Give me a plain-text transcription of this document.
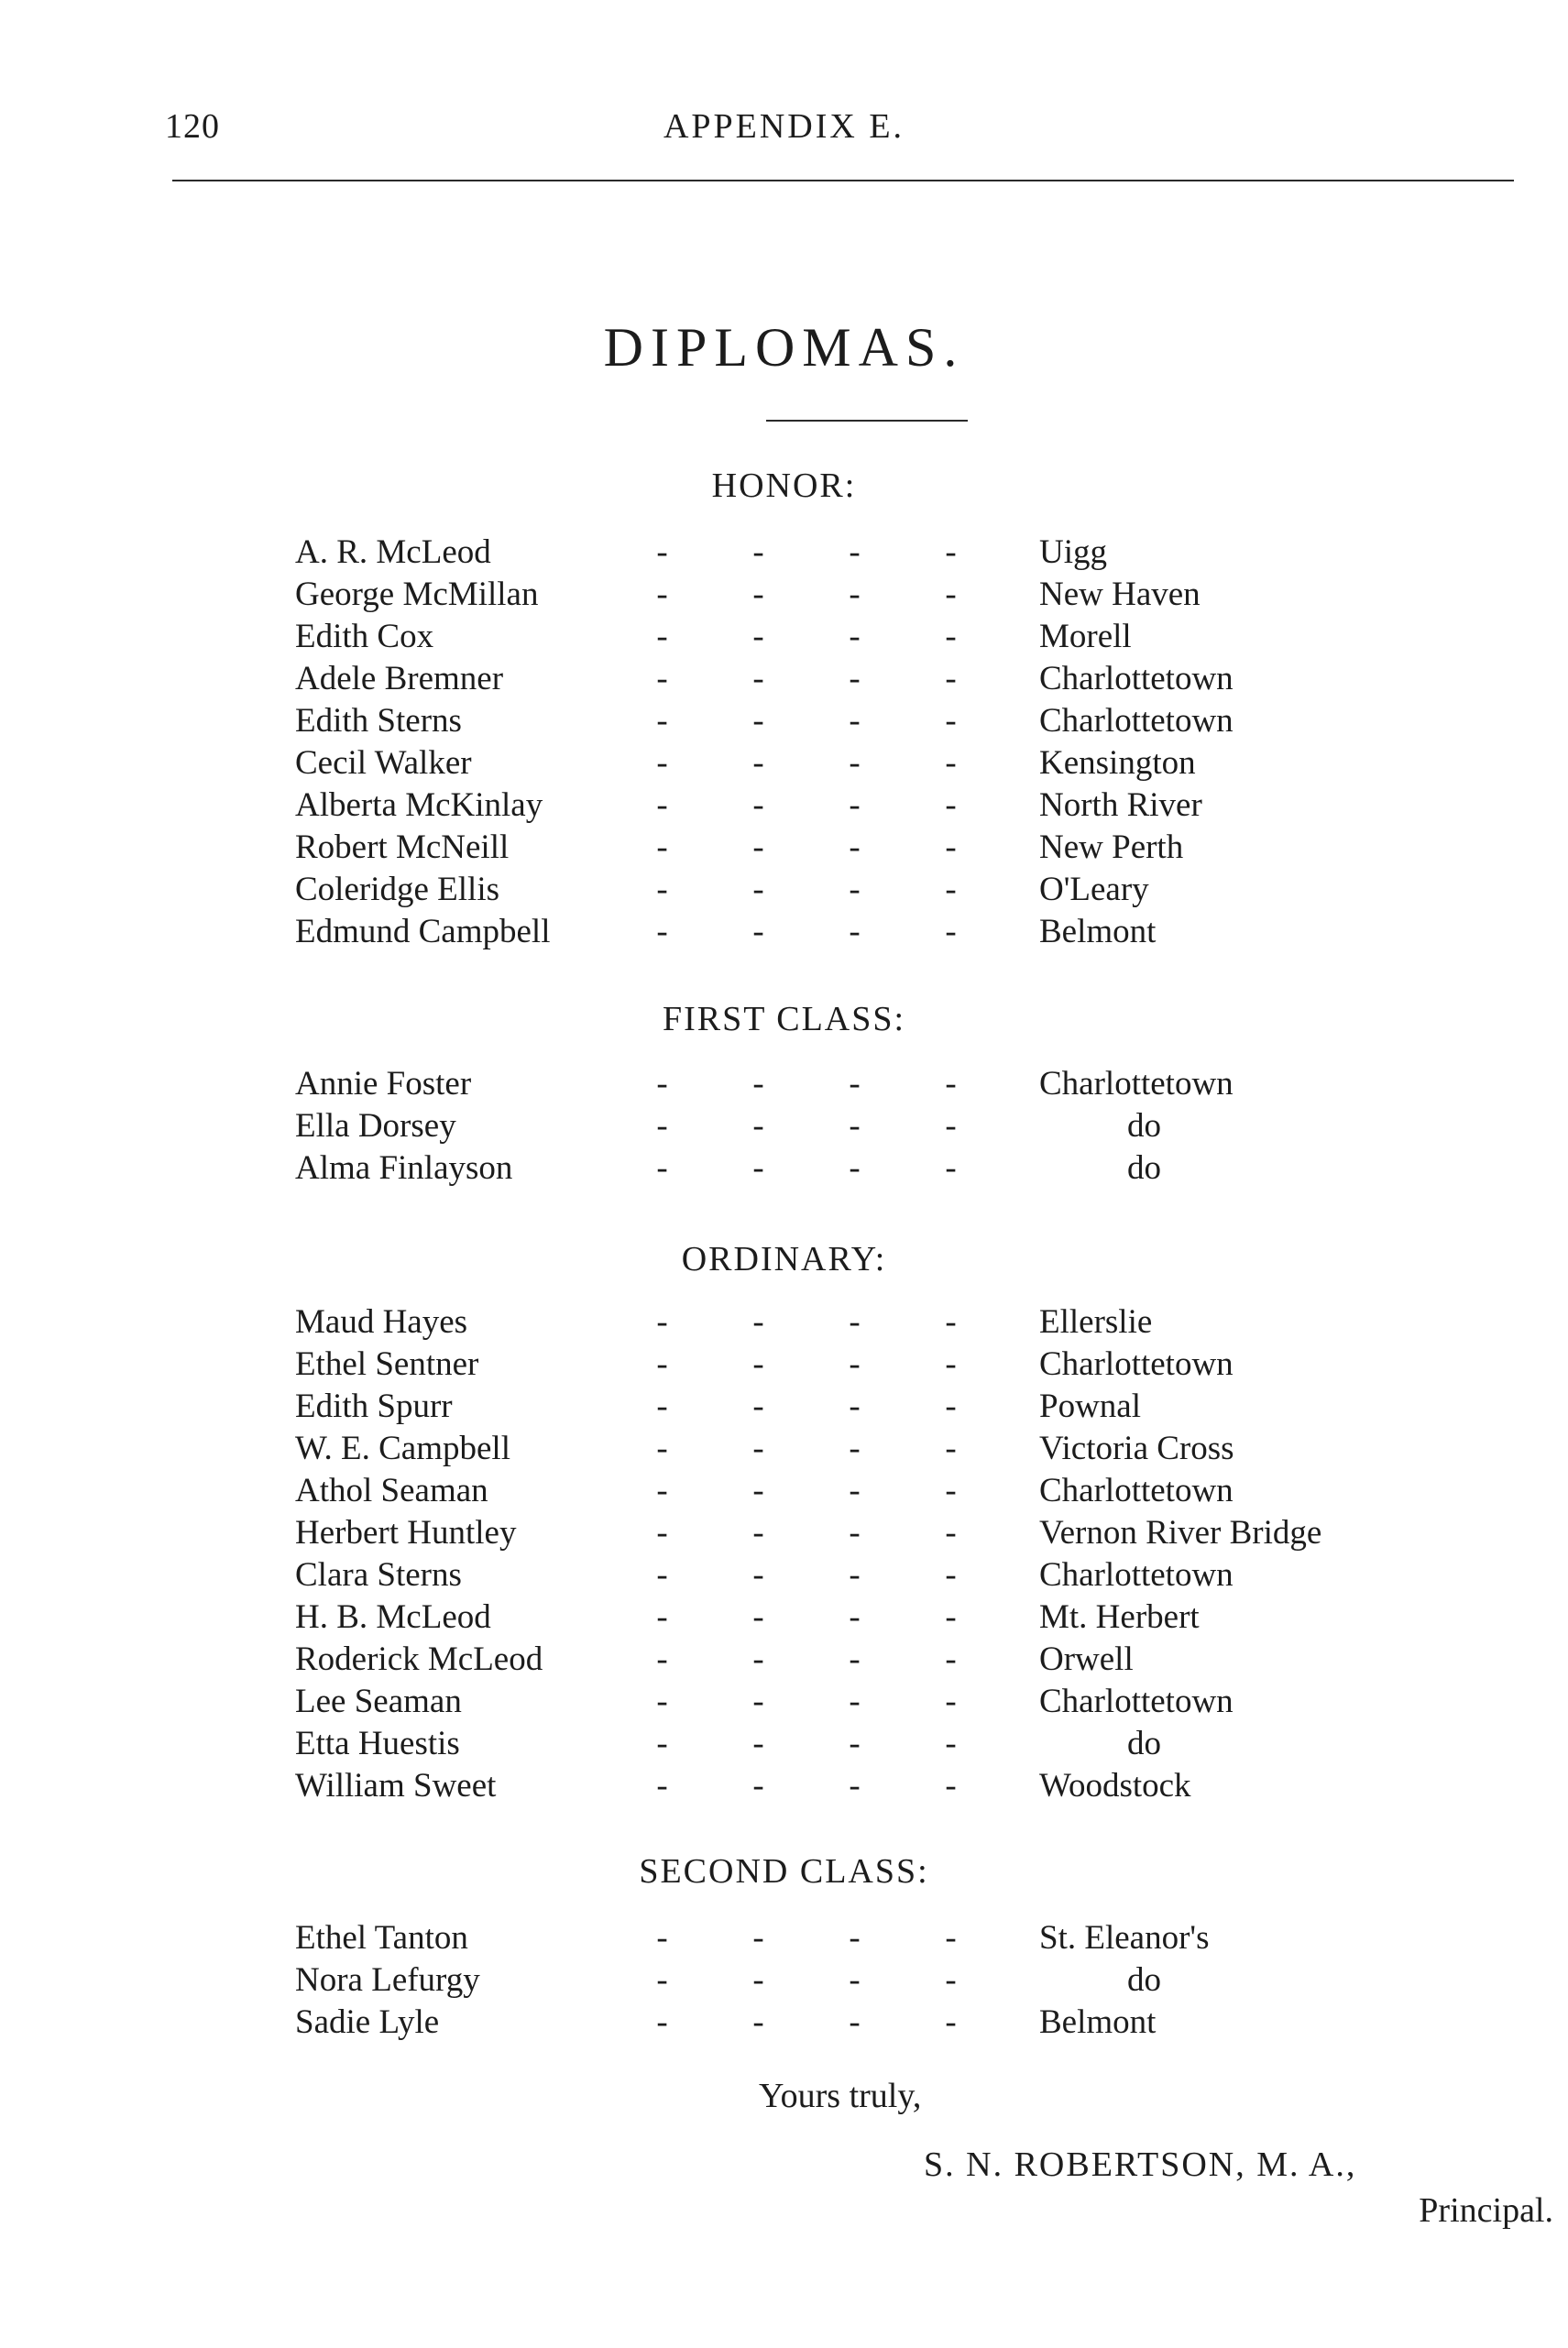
120	APPENDIX E.
DIPLOMAS.
HONOR:
A. R. McLeod	-	-	-	- Uigg
George McMillan	-	-	-	- New Haven
Edith Cox	-	-	-	- Morell
Adele Bremner	-	-	-	- Charlottetown
Edith Sterns	-	-	-	- Charlottetown
Cecil Walker	-	-	-	- Kensington
Alberta McKinlay	-	-	-	- North River
Robert McNeill	-	-	-	- New Perth
Coleridge Ellis	-	-	-	- O'Leary
Edmund Campbell	-	-	-	- Belmont
FIRST CLASS:
Annie Foster	-	-	-	- Charlottetown
Ella Dorsey	-	-	-	-	do
Alma Finlayson	-	-	-	-	do
ORDINARY:
Maud Hayes	-	-	-	- Ellerslie
Ethel Sentner	-	-	-	- Charlottetown
Edith Spurr	-	-	-	- Pownal
W. E. Campbell	-	-	-	- Victoria Cross
Athol Seaman	-	-	-	- Charlottetown
Herbert Huntley	-	-	-	- Vernon River Bridge
Clara Sterns	-	-	-	- Charlottetown
H. B. McLeod	-	-	-	- Mt. Herbert
Roderick McLeod	-	-	-	- Orwell
Lee Seaman	-	-	-	- Charlottetown
Etta Huestis	-	-	-	-	do
William Sweet	-	-	-	- Woodstock
SECOND CLASS:
Ethel Tanton	-	-	-	- St. Eleanor's
Nora Lefurgy	-	-	-	-	do
Sadie Lyle	-	-	-	- Belmont
Yours truly,
S. N. ROBERTSON, M. A.,
Principal.
